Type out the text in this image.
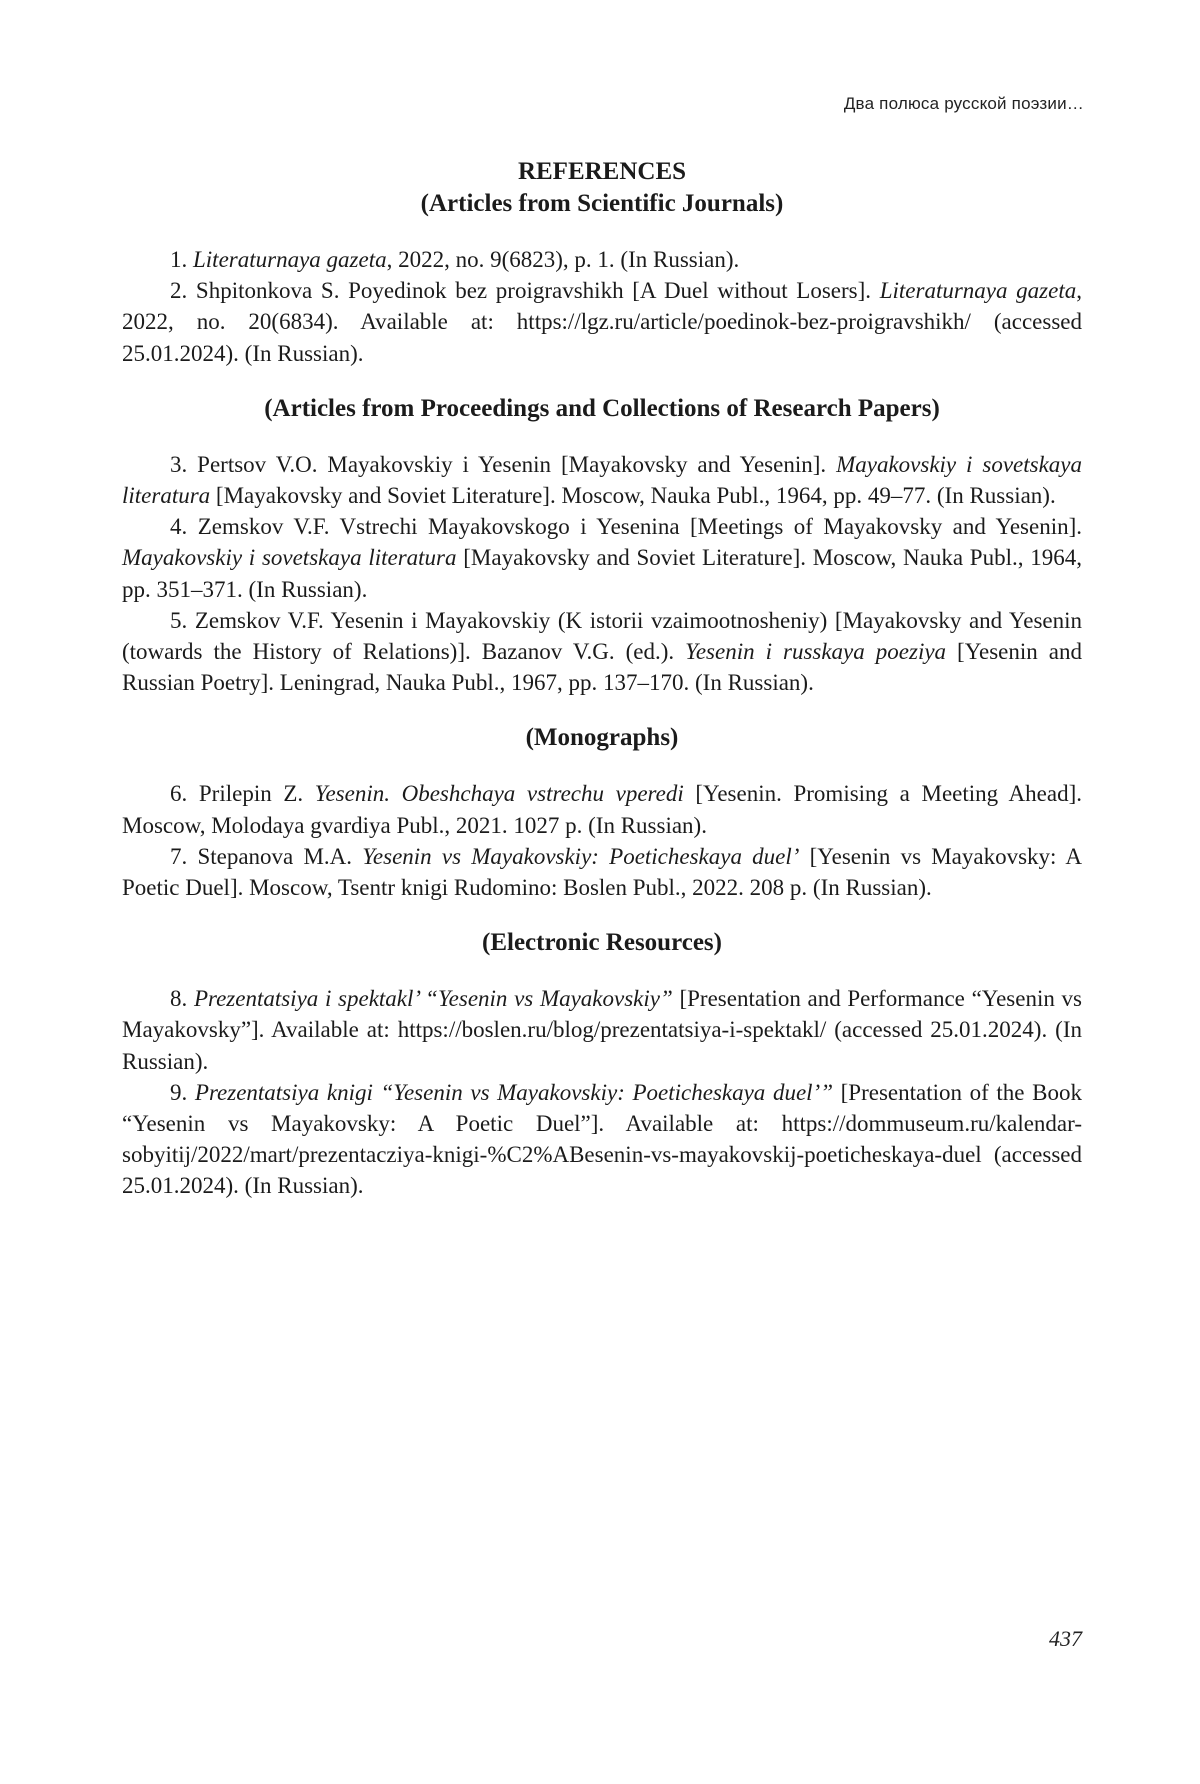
Два полюса русской поэзии…
REFERENCES
(Articles from Scientific Journals)

1. Literaturnaya gazeta, 2022, no. 9(6823), p. 1. (In Russian).

2. Shpitonkova S. Poyedinok bez proigravshikh [A Duel without Losers]. Literatur­naya gazeta, 2022, no. 20(6834). Available at: https://lgz.ru/article/poedinok-bez-proi­gravshikh/ (accessed 25.01.2024). (In Russian).

(Articles from Proceedings and Collections of Research Papers)

3. Pertsov V.O. Mayakovskiy i Yesenin [Mayakovsky and Yesenin]. Mayakovskiy i sovetskaya literatura [Mayakovsky and Soviet Literature]. Moscow, Nauka Publ., 1964, pp. 49–77. (In Russian).

4. Zemskov V.F. Vstrechi Mayakovskogo i Yesenina [Meetings of Mayakovsky and Yesenin]. Mayakovskiy i sovetskaya literatura [Mayakovsky and Soviet Literature]. Moscow, Nauka Publ., 1964, pp. 351–371. (In Russian).

5. Zemskov V.F. Yesenin i Mayakovskiy (K istorii vzaimootnosheniy) [Mayakovsky and Yesenin (towards the History of Relations)]. Bazanov V.G. (ed.). Yesenin i russkaya poeziya [Yesenin and Russian Poetry]. Leningrad, Nauka Publ., 1967, pp. 137–170. (In Russian).

(Monographs)

6. Prilepin Z. Yesenin. Obeshchaya vstrechu vperedi [Yesenin. Promising a Meeting Ahead]. Moscow, Molodaya gvardiya Publ., 2021. 1027 p. (In Russian).

7. Stepanova M.A. Yesenin vs Mayakovskiy: Poeticheskaya duel’ [Yesenin vs May­akovsky: A Poetic Duel]. Moscow, Tsentr knigi Rudomino: Boslen Publ., 2022. 208 p. (In Russian).

(Electronic Resources)

8. Prezentatsiya i spektakl’ “Yesenin vs Mayakovskiy” [Presentation and Performance “Yesenin vs Mayakovsky”]. Available at: https://boslen.ru/blog/prezentatsiya-i-spek­takl/ (accessed 25.01.2024). (In Russian).

9. Prezentatsiya knigi “Yesenin vs Mayakovskiy: Poeticheskaya duel’” [Presentation of the Book “Yesenin vs Mayakovsky: A Poetic Duel”]. Available at: https://dommu­seum.ru/kalendar-sobyitij/2022/mart/prezentacziya-knigi-%C2%ABesenin-vs-maya­kovskij-poeticheskaya-duel (accessed 25.01.2024). (In Russian).

437
